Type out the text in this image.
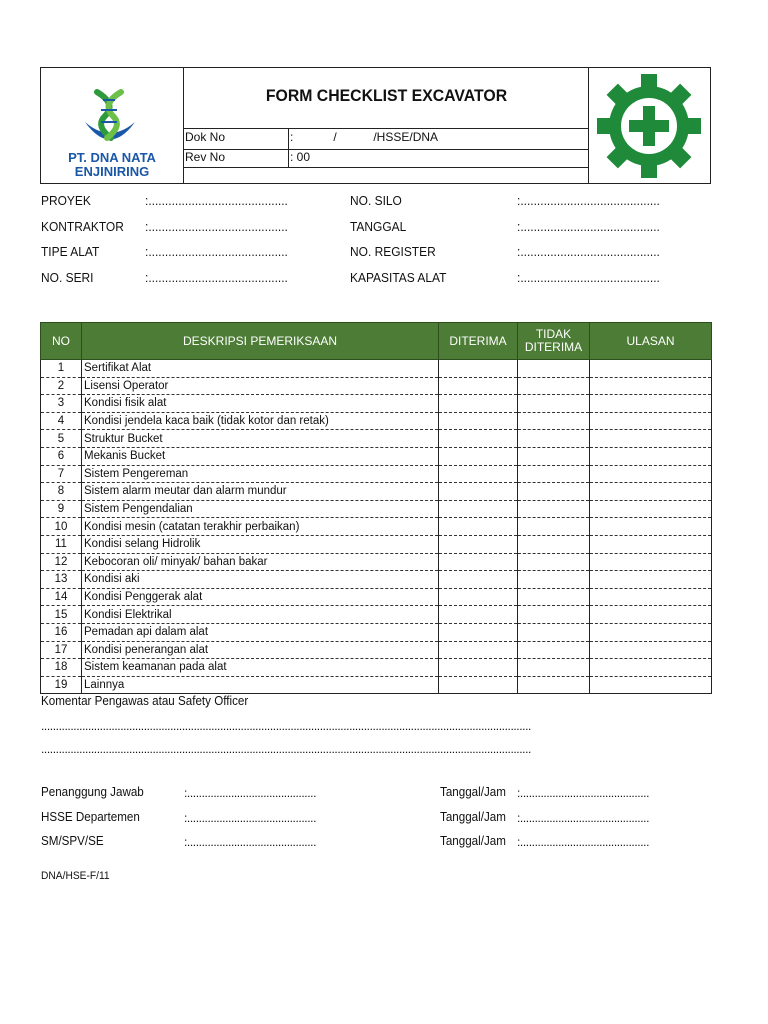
PT. DNA NATA
ENJINIRING
FORM CHECKLIST EXCAVATOR
Dok No	:            /           /HSSE/DNA
Rev No	: 00
PROYEK	:..........................................
KONTRAKTOR :..........................................
TIPE ALAT	:..........................................
NO. SERI	:..........................................
NO. SILO	:..........................................
TANGGAL	:..........................................
NO. REGISTER	:..........................................
KAPASITAS ALAT	:..........................................
NO	DESKRIPSI PEMERIKSAAN	DITERIMA	TIDAK DITERIMA	ULASAN
1	Sertifikat Alat			
2	Lisensi Operator			
3	Kondisi fisik alat			
4	Kondisi jendela kaca baik (tidak kotor dan retak)			
5	Struktur Bucket			
6	Mekanis Bucket			
7	Sistem Pengereman			
8	Sistem alarm meutar dan alarm mundur			
9	Sistem Pengendalian			
10	Kondisi mesin (catatan terakhir perbaikan)			
11	Kondisi selang Hidrolik			
12	Kebocoran oli/ minyak/ bahan bakar			
13	Kondisi aki			
14	Kondisi Penggerak alat			
15	Kondisi Elektrikal			
16	Pemadan api dalam alat			
17	Kondisi penerangan alat			
18	Sistem keamanan pada alat			
19	Lainnya			
Komentar Pengawas atau Safety Officer
.......................................................................................................................................................................
.......................................................................................................................................................................
Penanggung Jawab	:............................................	Tanggal/Jam :............................................
HSSE Departemen	:............................................	Tanggal/Jam :............................................
SM/SPV/SE	:............................................	Tanggal/Jam :............................................
DNA/HSE-F/11
